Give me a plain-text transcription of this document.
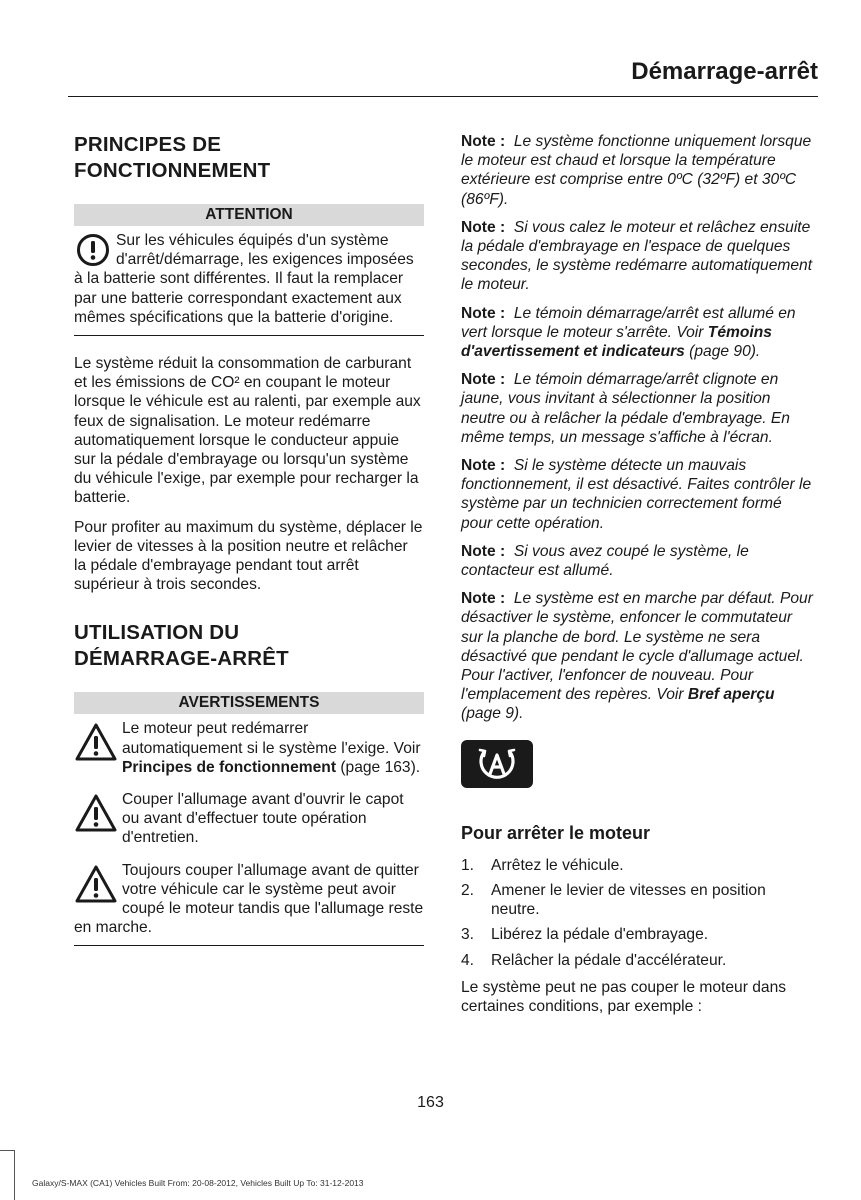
Démarrage-arrêt
PRINCIPES DE
FONCTIONNEMENT
ATTENTION

Sur les véhicules équipés d'un système d'arrêt/démarrage, les exigences imposées à la batterie sont différentes. Il faut la remplacer par une batterie correspondant exactement aux mêmes spécifications que la batterie d'origine.

Le système réduit la consommation de carburant et les émissions de CO² en coupant le moteur lorsque le véhicule est au ralenti, par exemple aux feux de signalisation. Le moteur redémarre automatiquement lorsque le conducteur appuie sur la pédale d'embrayage ou lorsqu'un système du véhicule l'exige, par exemple pour recharger la batterie.

Pour profiter au maximum du système, déplacer le levier de vitesses à la position neutre et relâcher la pédale d'embrayage pendant tout arrêt supérieur à trois secondes.

UTILISATION DU
DÉMARRAGE-ARRÊT
AVERTISSEMENTS

Le moteur peut redémarrer automatiquement si le système l'exige. Voir Principes de fonctionnement (page 163).

Couper l'allumage avant d'ouvrir le capot ou avant d'effectuer toute opération d'entretien.

Toujours couper l'allumage avant de quitter votre véhicule car le système peut avoir coupé le moteur tandis que l'allumage reste en marche.

Note : Le système fonctionne uniquement lorsque le moteur est chaud et lorsque la température extérieure est comprise entre 0ºC (32ºF) et 30ºC (86ºF).

Note : Si vous calez le moteur et relâchez ensuite la pédale d'embrayage en l'espace de quelques secondes, le système redémarre automatiquement le moteur.

Note : Le témoin démarrage/arrêt est allumé en vert lorsque le moteur s'arrête. Voir Témoins d'avertissement et indicateurs (page 90).

Note : Le témoin démarrage/arrêt clignote en jaune, vous invitant à sélectionner la position neutre ou à relâcher la pédale d'embrayage. En même temps, un message s'affiche à l'écran.

Note : Si le système détecte un mauvais fonctionnement, il est désactivé. Faites contrôler le système par un technicien correctement formé pour cette opération.

Note : Si vous avez coupé le système, le contacteur est allumé.

Note : Le système est en marche par défaut. Pour désactiver le système, enfoncer le commutateur sur la planche de bord. Le système ne sera désactivé que pendant le cycle d'allumage actuel. Pour l'activer, l'enfoncer de nouveau. Pour l'emplacement des repères. Voir Bref aperçu (page 9).

Pour arrêter le moteur
1.	Arrêtez le véhicule.
2.	Amener le levier de vitesses en position neutre.
3.	Libérez la pédale d'embrayage.
4.	Relâcher la pédale d'accélérateur.

Le système peut ne pas couper le moteur dans certaines conditions, par exemple :

163
Galaxy/S-MAX (CA1) Vehicles Built From: 20-08-2012, Vehicles Built Up To: 31-12-2013
